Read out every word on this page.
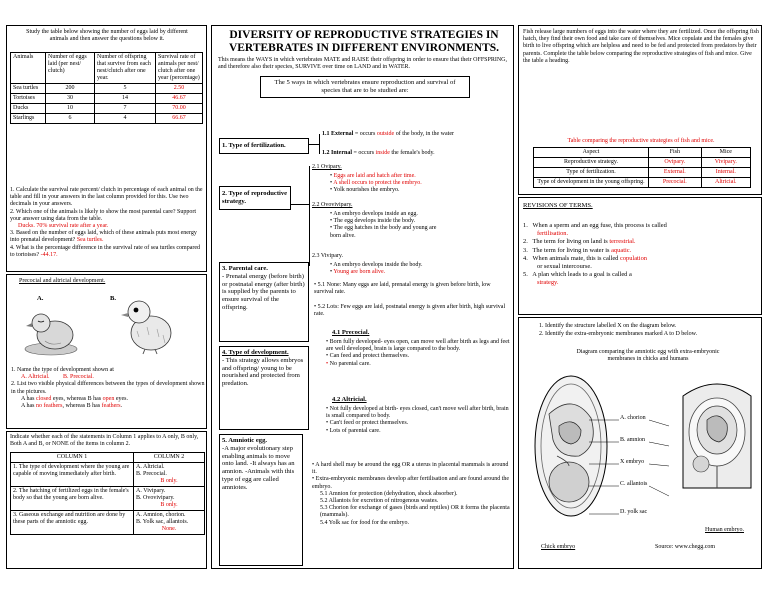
Study the table below showing the number of eggs laid by different animals and then answer the questions below it.
Animals	Number of eggs laid (per nest/ clutch)	Number of offspring that survive from each nest/clutch after one year.	Survival rate of animals per nest/ clutch after one year (percentage)
Sea turtles	200	5	2.50
Tortoises	30	14	46.67
Ducks	10	7	70.00
Starlings	6	4	66.67
1. Calculate the survival rate percent/ clutch in percentage of each animal on the table and fill in your answers in the last column provided for this. Use two decimals in your answers.
2. Which one of the animals is likely to show the most parental care? Support your answer using data from the table.
Ducks. 70% survival rate after a year.
3. Based on the number of eggs laid, which of these animals puts most energy into prenatal development? Sea turtles.
4. What is the percentage difference in the survival rate of sea turtles compared to tortoises? -44.17.
Precocial and altricial development.
A.	B.
1. Name the type of development shown at
A. Altricial. B. Precocial.
2. List two visible physical differences between the types of development shown in the pictures.
A has closed eyes, whereas B has open eyes.
A has no feathers, whereas B has feathers.
Indicate whether each of the statements in Column 1 applies to A only, B only, Both A and B, or NONE of the items in column 2.
COLUMN 1	COLUMN 2
1. The type of development where the young are capable of moving immediately after birth.	A. Altricial.
B. Precocial.
B only.

2. The hatching of fertilized eggs in the female's body so that the young are born alive.	A. Vivipary.
B. Ovovivipary.
B only.

3. Gaseous exchange and nutrition are done by these parts of the amniotic egg.	A. Amnion, chorion.
B. Yolk sac, allantois.
None.
DIVERSITY OF REPRODUCTIVE STRATEGIES IN VERTEBRATES IN DIFFERENT ENVIRONMENTS.
This means the WAYS in which vertebrates MATE and RAISE their offspring in order to ensure that their OFFSPRING, and therefore also their species, SURVIVE over time on LAND and in WATER.
The 5 ways in which vertebrates ensure reproduction and survival of species that are to be studied are:
1. Type of fertilization.
1.1 External = occurs outside of the body, in the water
1.2 Internal = occurs inside the female's body.
2. Type of reproductive strategy.
2.1 Ovipary.
• Eggs are laid and hatch after time.
• A shell occurs to protect the embryo.
• Yolk nourishes the embryo.
2.2 Ovovivipary.
• An embryo develops inside an egg.
• The egg develops inside the body.
• The egg hatches in the body and young are born alive.
2.3 Vivipary.
• An embryo develops inside the body.
• Young are born alive.
3. Parental care.
- Prenatal energy (before birth) or postnatal energy (after birth) is supplied by the parents to ensure survival of the offspring.
• 5.1 None: Many eggs are laid, prenatal energy is given before birth, low survival rate.
• 5.2 Lots: Few eggs are laid, postnatal energy is given after birth, high survival rate.
4. Type of development.
- This strategy allows embryos and offspring/ young to be nourished and protected from predation.
4.1 Precocial.
• Born fully developed- eyes open, can move well after birth as legs and feet are well developed, brain is large compared to the body.
• Can feed and protect themselves.
• No parental care.
4.2 Altricial.
• Not fully developed at birth- eyes closed, can't move well after birth, brain is small compared to body.
• Can't feed or protect themselves.
• Lots of parental care.
5. Amniotic egg.
-A major evolutionary step enabling animals to move onto land. -It always has an amnion. -Animals with this type of egg are called amniotes.
• A hard shell may be around the egg OR a uterus in placental mammals is around it.
• Extra-embryonic membranes develop after fertilisation and are found around the embryo.
5.1 Amnion for protection (dehydration, shock absorber).
5.2 Allantois for excretion of nitrogenous wastes.
5.3 Chorion for exchange of gases (birds and reptiles) OR it forms the placenta (mammals).
5.4 Yolk sac for food for the embryo.
Fish release large numbers of eggs into the water where they are fertilized. Once the offspring fish hatch, they find their own food and take care of themselves. Mice copulate and the females give birth to live offspring which are helpless and need to be fed and protected from predators by their parents. Complete the table below comparing the reproductive strategies of fish and mice. Give the table a heading.
Table comparing the reproductive strategies of fish and mice.
Aspect	Fish	Mice
Reproductive strategy.	Ovipary.	Vivipary.
Type of fertilization.	External.	Internal.
Type of development in the young offspring.	Precocial.	Altricial.
REVISIONS OF TERMS.
1.   When a sperm and an egg fuse, this process is called
fertilisation.
2.   The term for living on land is terrestrial.
3.   The term for living in water is aquatic.
4.   When animals mate, this is called copulation
or sexual intercourse.
5.   A plan which leads to a goal is called a
strategy.
1. Identify the structure labelled X on the diagram below.
2. Identify the extra-embryonic membranes marked A to D below.
Diagram comparing the amniotic egg with extra-embryonic membranes in chicks and humans
A. chorion
B. amnion
X embryo
C. allantois
D. yolk sac
Chick embryo
Human embryo.
Source: www.chegg.com
